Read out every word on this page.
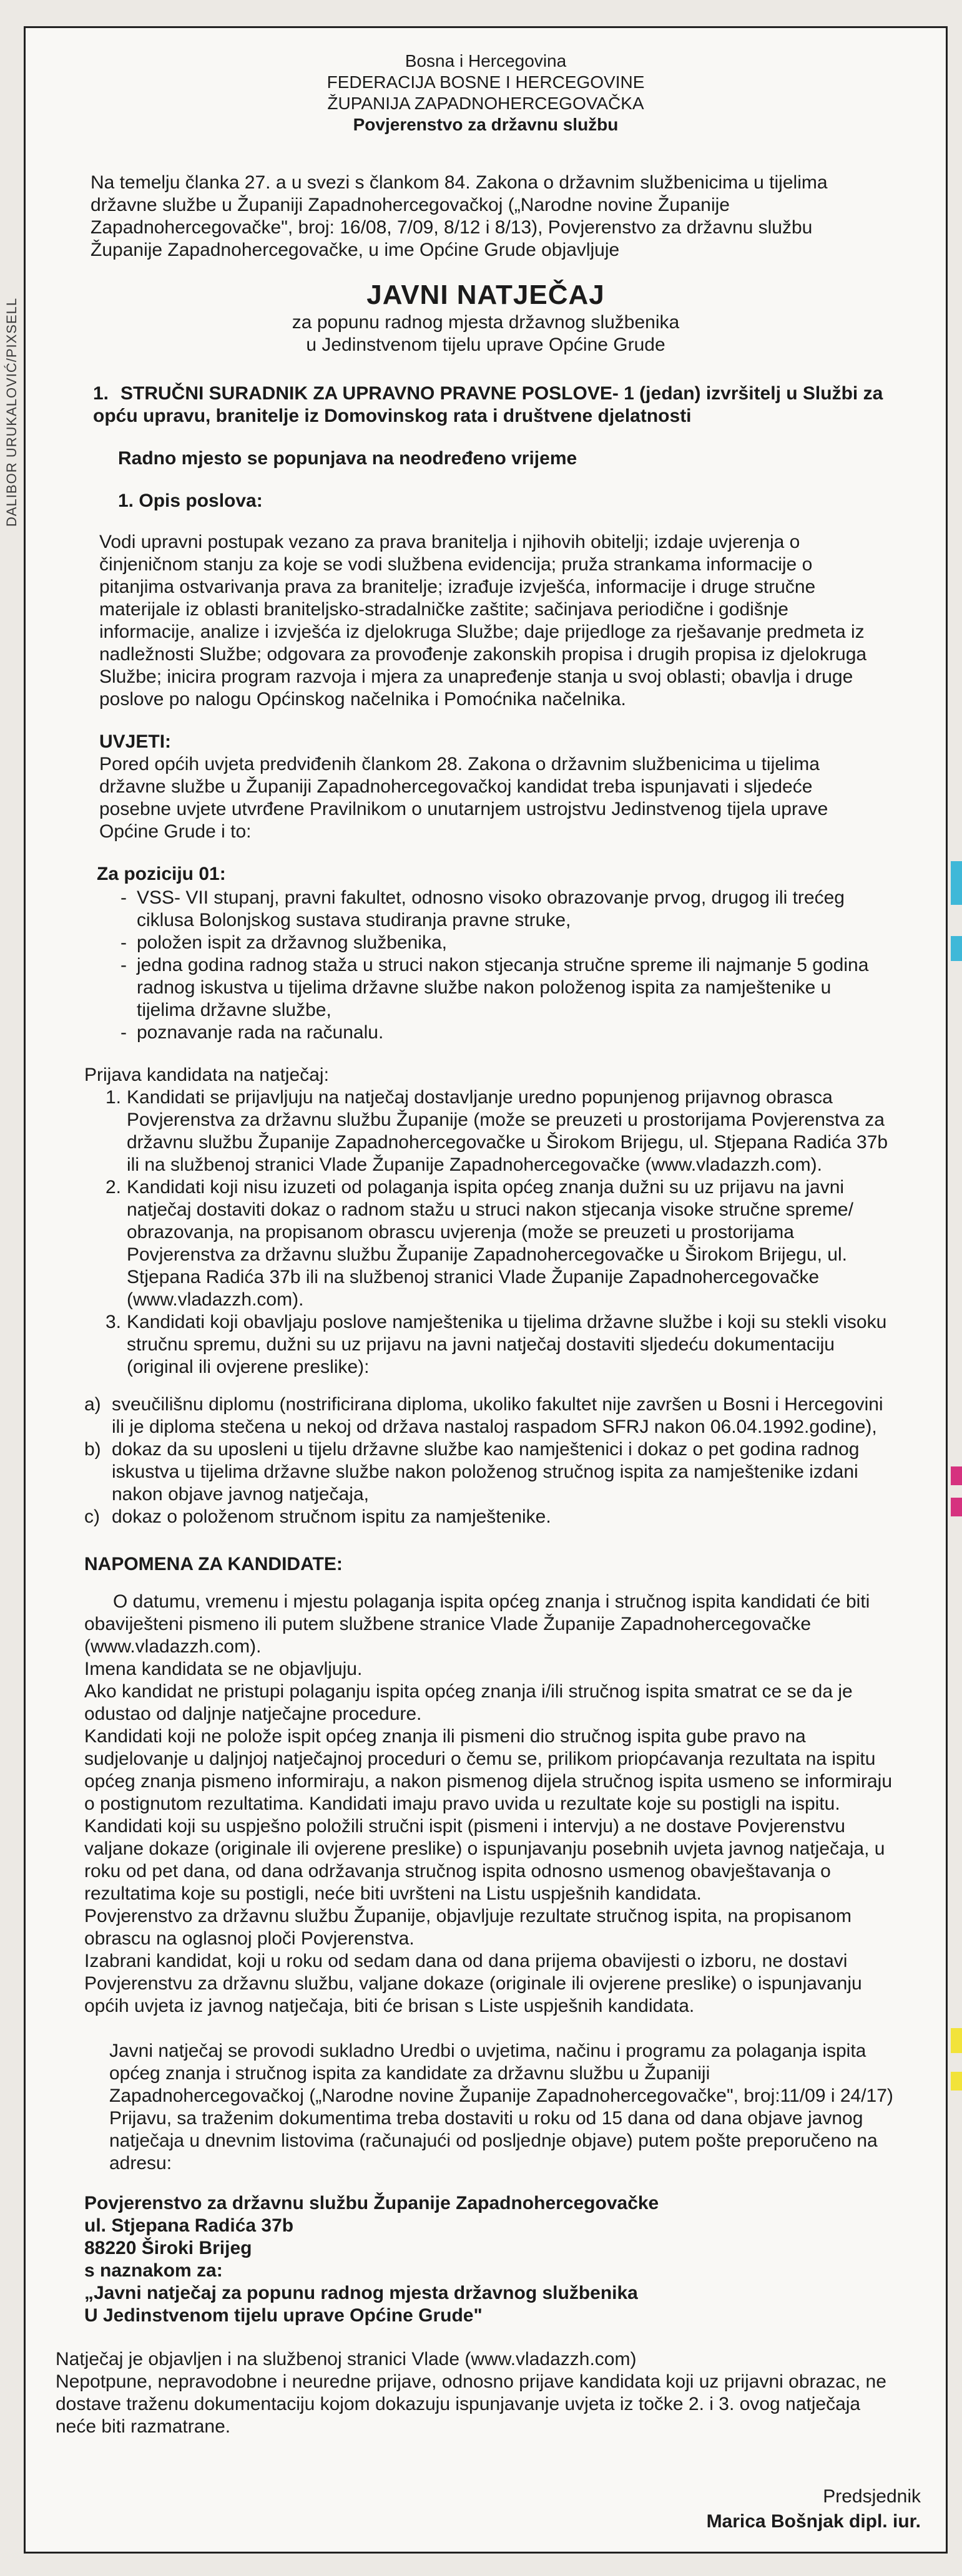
DALIBOR URUKALOVIĆ/PIXSELL
Bosna i Hercegovina
FEDERACIJA BOSNE I HERCEGOVINE
ŽUPANIJA ZAPADNOHERCEGOVAČKA
Povjerenstvo za državnu službu

Na temelju članka 27. a u svezi s člankom 84. Zakona o državnim službenicima u tijelima državne službe u Županiji Zapadnohercegovačkoj („Narodne novine Županije Zapadnohercegovačke", broj: 16/08, 7/09, 8/12 i 8/13), Povjerenstvo za državnu službu Županije Zapadnohercegovačke, u ime Općine Grude objavljuje

JAVNI NATJEČAJ
za popunu radnog mjesta državnog službenika
u Jedinstvenom tijelu uprave Općine Grude

1. STRUČNI SURADNIK ZA UPRAVNO PRAVNE POSLOVE- 1 (jedan) izvršitelj u Službi za opću upravu, branitelje iz Domovinskog rata i društvene djelatnosti

Radno mjesto se popunjava na neodređeno vrijeme

1. Opis poslova:

Vodi upravni postupak vezano za prava branitelja i njihovih obitelji; izdaje uvjerenja o činjeničnom stanju za koje se vodi službena evidencija; pruža strankama informacije o pitanjima ostvarivanja prava za branitelje; izrađuje izvješća, informacije i druge stručne materijale iz oblasti braniteljsko-stradalničke zaštite; sačinjava periodične i godišnje informacije, analize i izvješća iz djelokruga Službe; daje prijedloge za rješavanje predmeta iz nadležnosti Službe; odgovara za provođenje zakonskih propisa i drugih propisa iz djelokruga Službe; inicira program razvoja i mjera za unapređenje stanja u svoj oblasti; obavlja i druge poslove po nalogu Općinskog načelnika i Pomoćnika načelnika.

UVJETI:

Pored općih uvjeta predviđenih člankom 28. Zakona o državnim službenicima u tijelima državne službe u Županiji Zapadnohercegovačkoj kandidat treba ispunjavati i sljedeće posebne uvjete utvrđene Pravilnikom o unutarnjem ustrojstvu Jedinstvenog tijela uprave Općine Grude i to:

Za poziciju 01:

- VSS- VII stupanj, pravni fakultet, odnosno visoko obrazovanje prvog, drugog ili trećeg ciklusa Bolonjskog sustava studiranja pravne struke,
- položen ispit za državnog službenika,
- jedna godina radnog staža u struci nakon stjecanja stručne spreme ili najmanje 5 godina radnog iskustva u tijelima državne službe nakon položenog ispita za namještenike u tijelima državne službe,
- poznavanje rada na računalu.

Prijava kandidata na natječaj:

1. Kandidati se prijavljuju na natječaj dostavljanje uredno popunjenog prijavnog obrasca Povjerenstva za državnu službu Županije (može se preuzeti u prostorijama Povjerenstva za državnu službu Županije Zapadnohercegovačke u Širokom Brijegu, ul. Stjepana Radića 37b ili na službenoj stranici Vlade Županije Zapadnohercegovačke (www.vladazzh.com).
2. Kandidati koji nisu izuzeti od polaganja ispita općeg znanja dužni su uz prijavu na javni natječaj dostaviti dokaz o radnom stažu u struci nakon stjecanja visoke stručne spreme/ obrazovanja, na propisanom obrascu uvjerenja (može se preuzeti u prostorijama Povjerenstva za državnu službu Županije Zapadnohercegovačke u Širokom Brijegu, ul. Stjepana Radića 37b ili na službenoj stranici Vlade Županije Zapadnohercegovačke (www.vladazzh.com).
3. Kandidati koji obavljaju poslove namještenika u tijelima državne službe i koji su stekli visoku stručnu spremu, dužni su uz prijavu na javni natječaj dostaviti sljedeću dokumentaciju (original ili ovjerene preslike):
a) sveučilišnu diplomu (nostrificirana diploma, ukoliko fakultet nije završen u Bosni i Hercegovini ili je diploma stečena u nekoj od država nastaloj raspadom SFRJ nakon 06.04.1992.godine),
b) dokaz da su uposleni u tijelu državne službe kao namještenici i dokaz o pet godina radnog iskustva u tijelima državne službe nakon položenog stručnog ispita za namještenike izdani nakon objave javnog natječaja,
c) dokaz o položenom stručnom ispitu za namještenike.

NAPOMENA ZA KANDIDATE:

O datumu, vremenu i mjestu polaganja ispita općeg znanja i stručnog ispita kandidati će biti obaviješteni pismeno ili putem službene stranice Vlade Županije Zapadnohercegovačke (www.vladazzh.com).

Imena kandidata se ne objavljuju.

Ako kandidat ne pristupi polaganju ispita općeg znanja i/ili stručnog ispita smatrat ce se da je odustao od daljnje natječajne procedure.

Kandidati koji ne polože ispit općeg znanja ili pismeni dio stručnog ispita gube pravo na sudjelovanje u daljnjoj natječajnoj proceduri o čemu se, prilikom priopćavanja rezultata na ispitu općeg znanja pismeno informiraju, a nakon pismenog dijela stručnog ispita usmeno se informiraju o postignutom rezultatima. Kandidati imaju pravo uvida u rezultate koje su postigli na ispitu.

Kandidati koji su uspješno položili stručni ispit (pismeni i intervju) a ne dostave Povjerenstvu valjane dokaze (originale ili ovjerene preslike) o ispunjavanju posebnih uvjeta javnog natječaja, u roku od pet dana, od dana održavanja stručnog ispita odnosno usmenog obavještavanja o rezultatima koje su postigli, neće biti uvršteni na Listu uspješnih kandidata.

Povjerenstvo za državnu službu Županije, objavljuje rezultate stručnog ispita, na propisanom obrascu na oglasnoj ploči Povjerenstva.

Izabrani kandidat, koji u roku od sedam dana od dana prijema obavijesti o izboru, ne dostavi Povjerenstvu za državnu službu, valjane dokaze (originale ili ovjerene preslike) o ispunjavanju općih uvjeta iz javnog natječaja, biti će brisan s Liste uspješnih kandidata.

Javni natječaj se provodi sukladno Uredbi o uvjetima, načinu i programu za polaganja ispita općeg znanja i stručnog ispita za kandidate za državnu službu u Županiji Zapadnohercegovačkoj („Narodne novine Županije Zapadnohercegovačke", broj:11/09 i 24/17) Prijavu, sa traženim dokumentima treba dostaviti u roku od 15 dana od dana objave javnog natječaja u dnevnim listovima (računajući od posljednje objave) putem pošte preporučeno na adresu:

Povjerenstvo za državnu službu Županije Zapadnohercegovačke
ul. Stjepana Radića 37b
88220 Široki Brijeg
s naznakom za:
„Javni natječaj za popunu radnog mjesta državnog službenika
U Jedinstvenom tijelu uprave Općine Grude"

Natječaj je objavljen i na službenoj stranici Vlade (www.vladazzh.com)

Nepotpune, nepravodobne i neuredne prijave, odnosno prijave kandidata koji uz prijavni obrazac, ne dostave traženu dokumentaciju kojom dokazuju ispunjavanje uvjeta iz točke 2. i 3. ovog natječaja neće biti razmatrane.

Predsjednik
Marica Bošnjak dipl. iur.
